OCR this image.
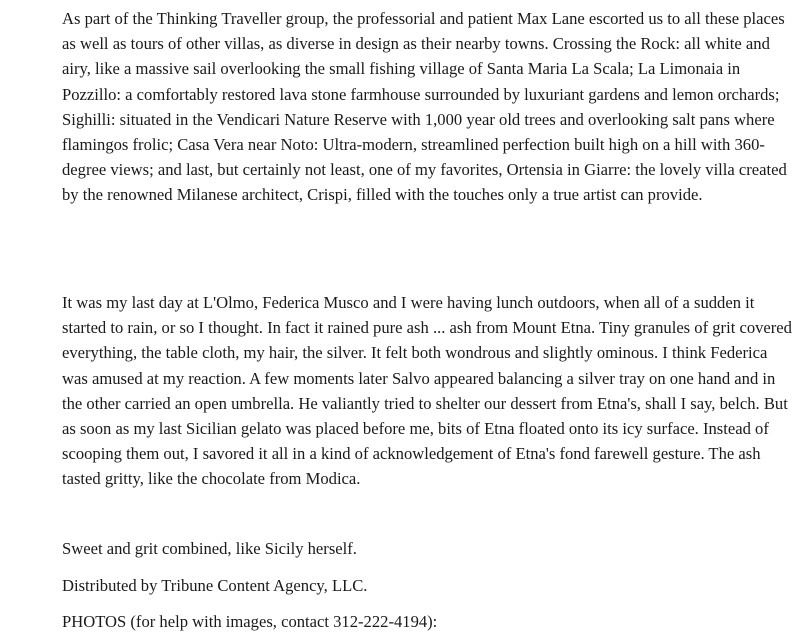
As part of the Thinking Traveller group, the professorial and patient Max Lane escorted us to all these places as well as tours of other villas, as diverse in design as their nearby towns. Crossing the Rock: all white and airy, like a massive sail overlooking the small fishing village of Santa Maria La Scala; La Limonaia in Pozzillo: a comfortably restored lava stone farmhouse surrounded by luxuriant gardens and lemon orchards; Sighilli: situated in the Vendicari Nature Reserve with 1,000 year old trees and overlooking salt pans where flamingos frolic; Casa Vera near Noto: Ultra-modern, streamlined perfection built high on a hill with 360-degree views; and last, but certainly not least, one of my favorites, Ortensia in Giarre: the lovely villa created by the renowned Milanese architect, Crispi, filled with the touches only a true artist can provide.

It was my last day at L'Olmo, Federica Musco and I were having lunch outdoors, when all of a sudden it started to rain, or so I thought. In fact it rained pure ash ... ash from Mount Etna. Tiny granules of grit covered everything, the table cloth, my hair, the silver. It felt both wondrous and slightly ominous. I think Federica was amused at my reaction. A few moments later Salvo appeared balancing a silver tray on one hand and in the other carried an open umbrella. He valiantly tried to shelter our dessert from Etna's, shall I say, belch. But as soon as my last Sicilian gelato was placed before me, bits of Etna floated onto its icy surface. Instead of scooping them out, I savored it all in a kind of acknowledgement of Etna's fond farewell gesture. The ash tasted gritty, like the chocolate from Modica.

Sweet and grit combined, like Sicily herself.

Distributed by Tribune Content Agency, LLC.

PHOTOS (for help with images, contact 312-222-4194):
